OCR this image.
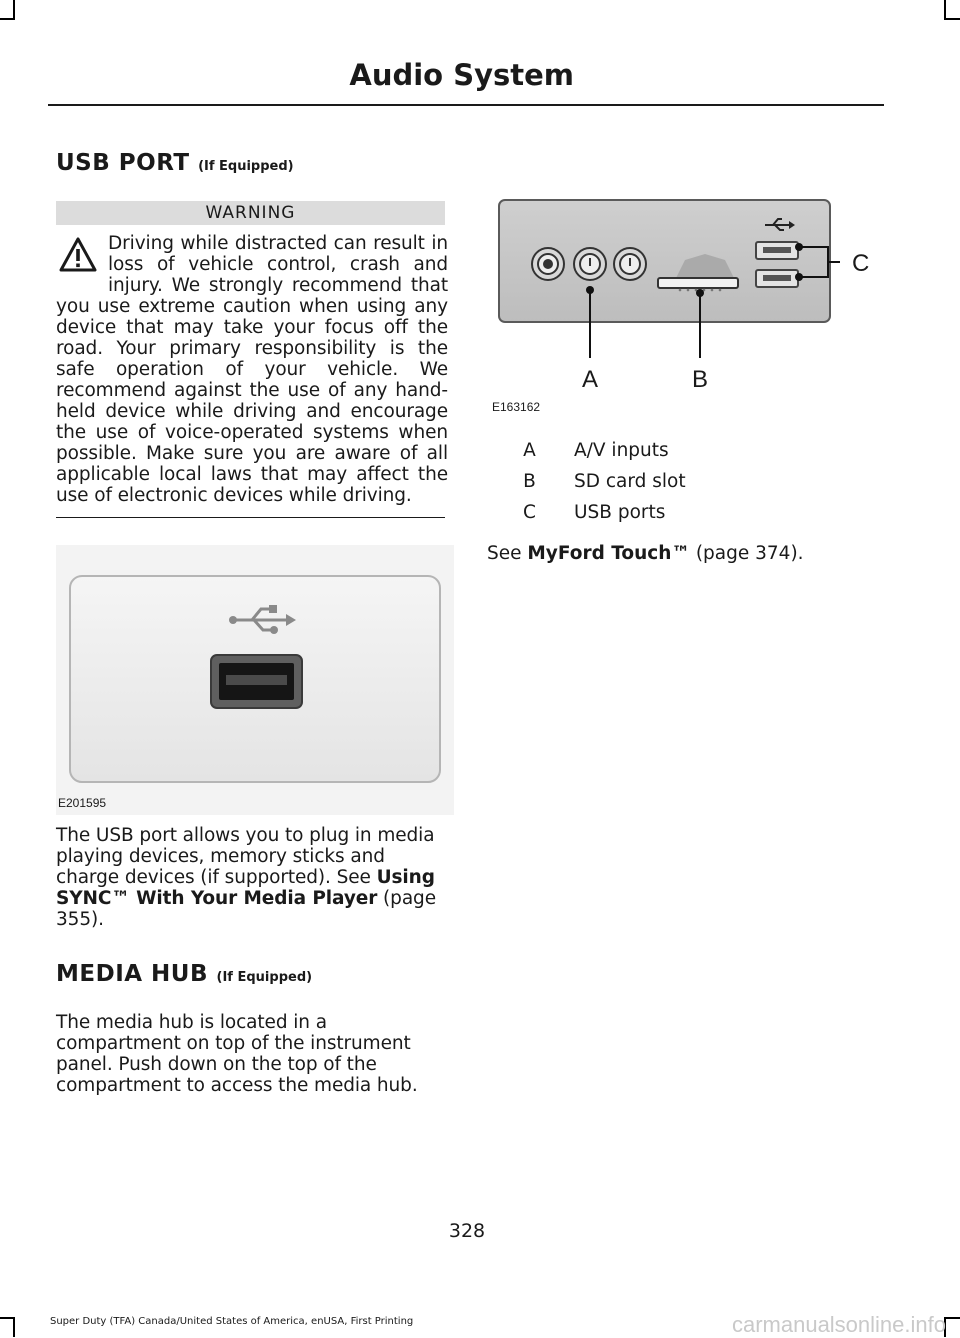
Audio System
USB PORT (If Equipped)
WARNING
Driving while distracted can result in loss of vehicle control, crash and injury. We strongly recommend that you use extreme caution when using any device that may take your focus off the road. Your primary responsibility is the safe operation of your vehicle. We recommend against the use of any hand-held device while driving and encourage the use of voice-operated systems when possible. Make sure you are aware of all applicable local laws that may affect the use of electronic devices while driving.
E201595
The USB port allows you to plug in media playing devices, memory sticks and charge devices (if supported). See Using SYNC™ With Your Media Player (page 355).
MEDIA HUB (If Equipped)
The media hub is located in a compartment on top of the instrument panel. Push down on the top of the compartment to access the media hub.
A	B
C
E163162
A A/V inputs
B SD card slot
C USB ports
See MyFord Touch™ (page 374).
328
Super Duty (TFA) Canada/United States of America, enUSA, First Printing	carmanualsonline.info
